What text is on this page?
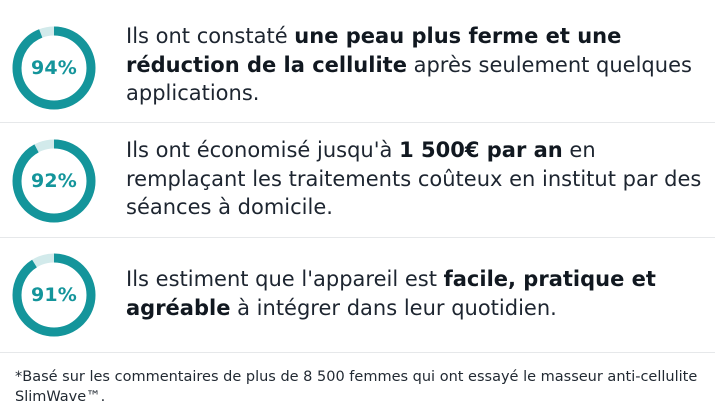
94%
Ils ont constaté une peau plus ferme et une réduction de la cellulite après seulement quelques applications.
92%
Ils ont économisé jusqu'à 1 500€ par an en remplaçant les traitements coûteux en institut par des séances à domicile.
91%
Ils estiment que l'appareil est facile, pratique et agréable à intégrer dans leur quotidien.
*Basé sur les commentaires de plus de 8 500 femmes qui ont essayé le masseur anti-cellulite SlimWave™.
